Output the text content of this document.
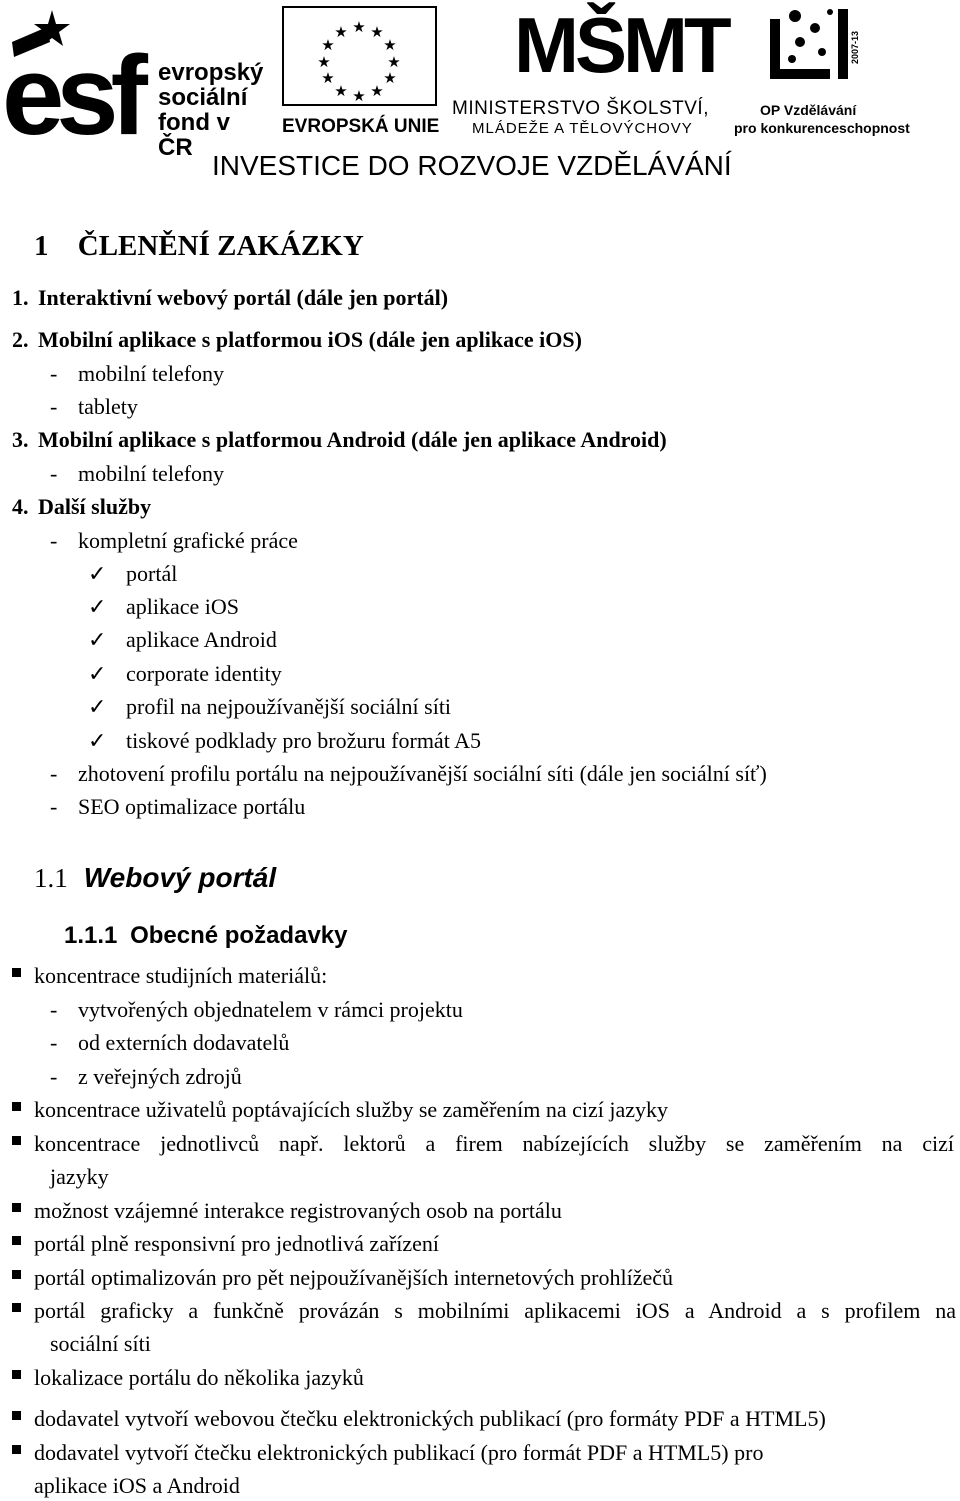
esf evropský
sociální
fond v ČR
★ ★
★
★
★
★
★
★
★
★
★
★
EVROPSKÁ UNIE
MŠMT
MINISTERSTVO ŠKOLSTVÍ,
MLÁDEŽE A TĚLOVÝCHOVY
2007-13
OP Vzdělávání
pro konkurenceschopnost
INVESTICE DO ROZVOJE VZDĚLÁVÁNÍ
1 ČLENĚNÍ ZAKÁZKY
1. Interaktivní webový portál (dále jen portál)
2. Mobilní aplikace s platformou iOS (dále jen aplikace iOS)
- mobilní telefony
- tablety
3. Mobilní aplikace s platformou Android (dále jen aplikace Android)
- mobilní telefony
4. Další služby
- kompletní grafické práce
✓ portál
✓ aplikace iOS
✓ aplikace Android
✓ corporate identity
✓ profil na nejpoužívanější sociální síti
✓ tiskové podklady pro brožuru formát A5
- zhotovení profilu portálu na nejpoužívanější sociální síti (dále jen sociální síť)
- SEO optimalizace portálu
1.1 Webový portál
1.1.1 Obecné požadavky
koncentrace studijních materiálů:
- vytvořených objednatelem v rámci projektu
- od externích dodavatelů
- z veřejných zdrojů
koncentrace uživatelů poptávajících služby se zaměřením na cizí jazyky
koncentrace jednotlivců např. lektorů a firem nabízejících služby se zaměřením na cizí
jazyky
možnost vzájemné interakce registrovaných osob na portálu
portál plně responsivní pro jednotlivá zařízení
portál optimalizován pro pět nejpoužívanějších internetových prohlížečů
portál graficky a funkčně provázán s mobilními aplikacemi iOS a Android a s profilem na
sociální síti
lokalizace portálu do několika jazyků
dodavatel vytvoří webovou čtečku elektronických publikací (pro formáty PDF a HTML5)
dodavatel vytvoří čtečku elektronických publikací (pro formát PDF a HTML5) pro
aplikace iOS a Android
